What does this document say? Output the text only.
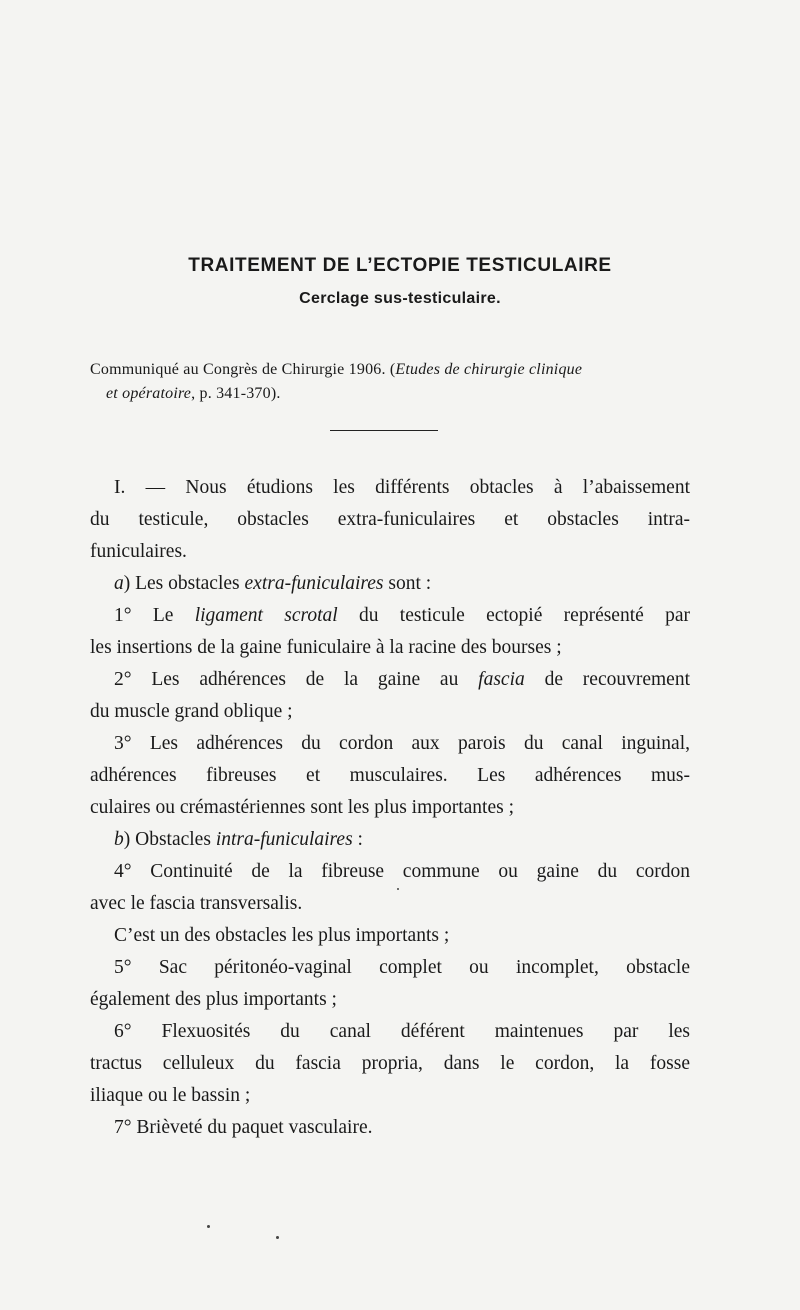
TRAITEMENT DE L’ECTOPIE TESTICULAIRE
Cerclage sus-testiculaire.
Communiqué au Congrès de Chirurgie 1906. (Etudes de chirurgie clinique
et opératoire, p. 341-370).

I. — Nous étudions les différents obtacles à l’abaissement
du testicule, obstacles extra-funiculaires et obstacles intra-
funiculaires.

a) Les obstacles extra-funiculaires sont :

1° Le ligament scrotal du testicule ectopié représenté par
les insertions de la gaine funiculaire à la racine des bourses ;

2° Les adhérences de la gaine au fascia de recouvrement
du muscle grand oblique ;

3° Les adhérences du cordon aux parois du canal inguinal,
adhérences fibreuses et musculaires. Les adhérences mus-
culaires ou crémastériennes sont les plus importantes ;

b) Obstacles intra-funiculaires :

4° Continuité de la fibreuse commune ou gaine du cordon
avec le fascia transversalis.

C’est un des obstacles les plus importants ;

5° Sac péritonéo-vaginal complet ou incomplet, obstacle
également des plus importants ;

6° Flexuosités du canal déférent maintenues par les
tractus celluleux du fascia propria, dans le cordon, la fosse
iliaque ou le bassin ;

7° Brièveté du paquet vasculaire.
